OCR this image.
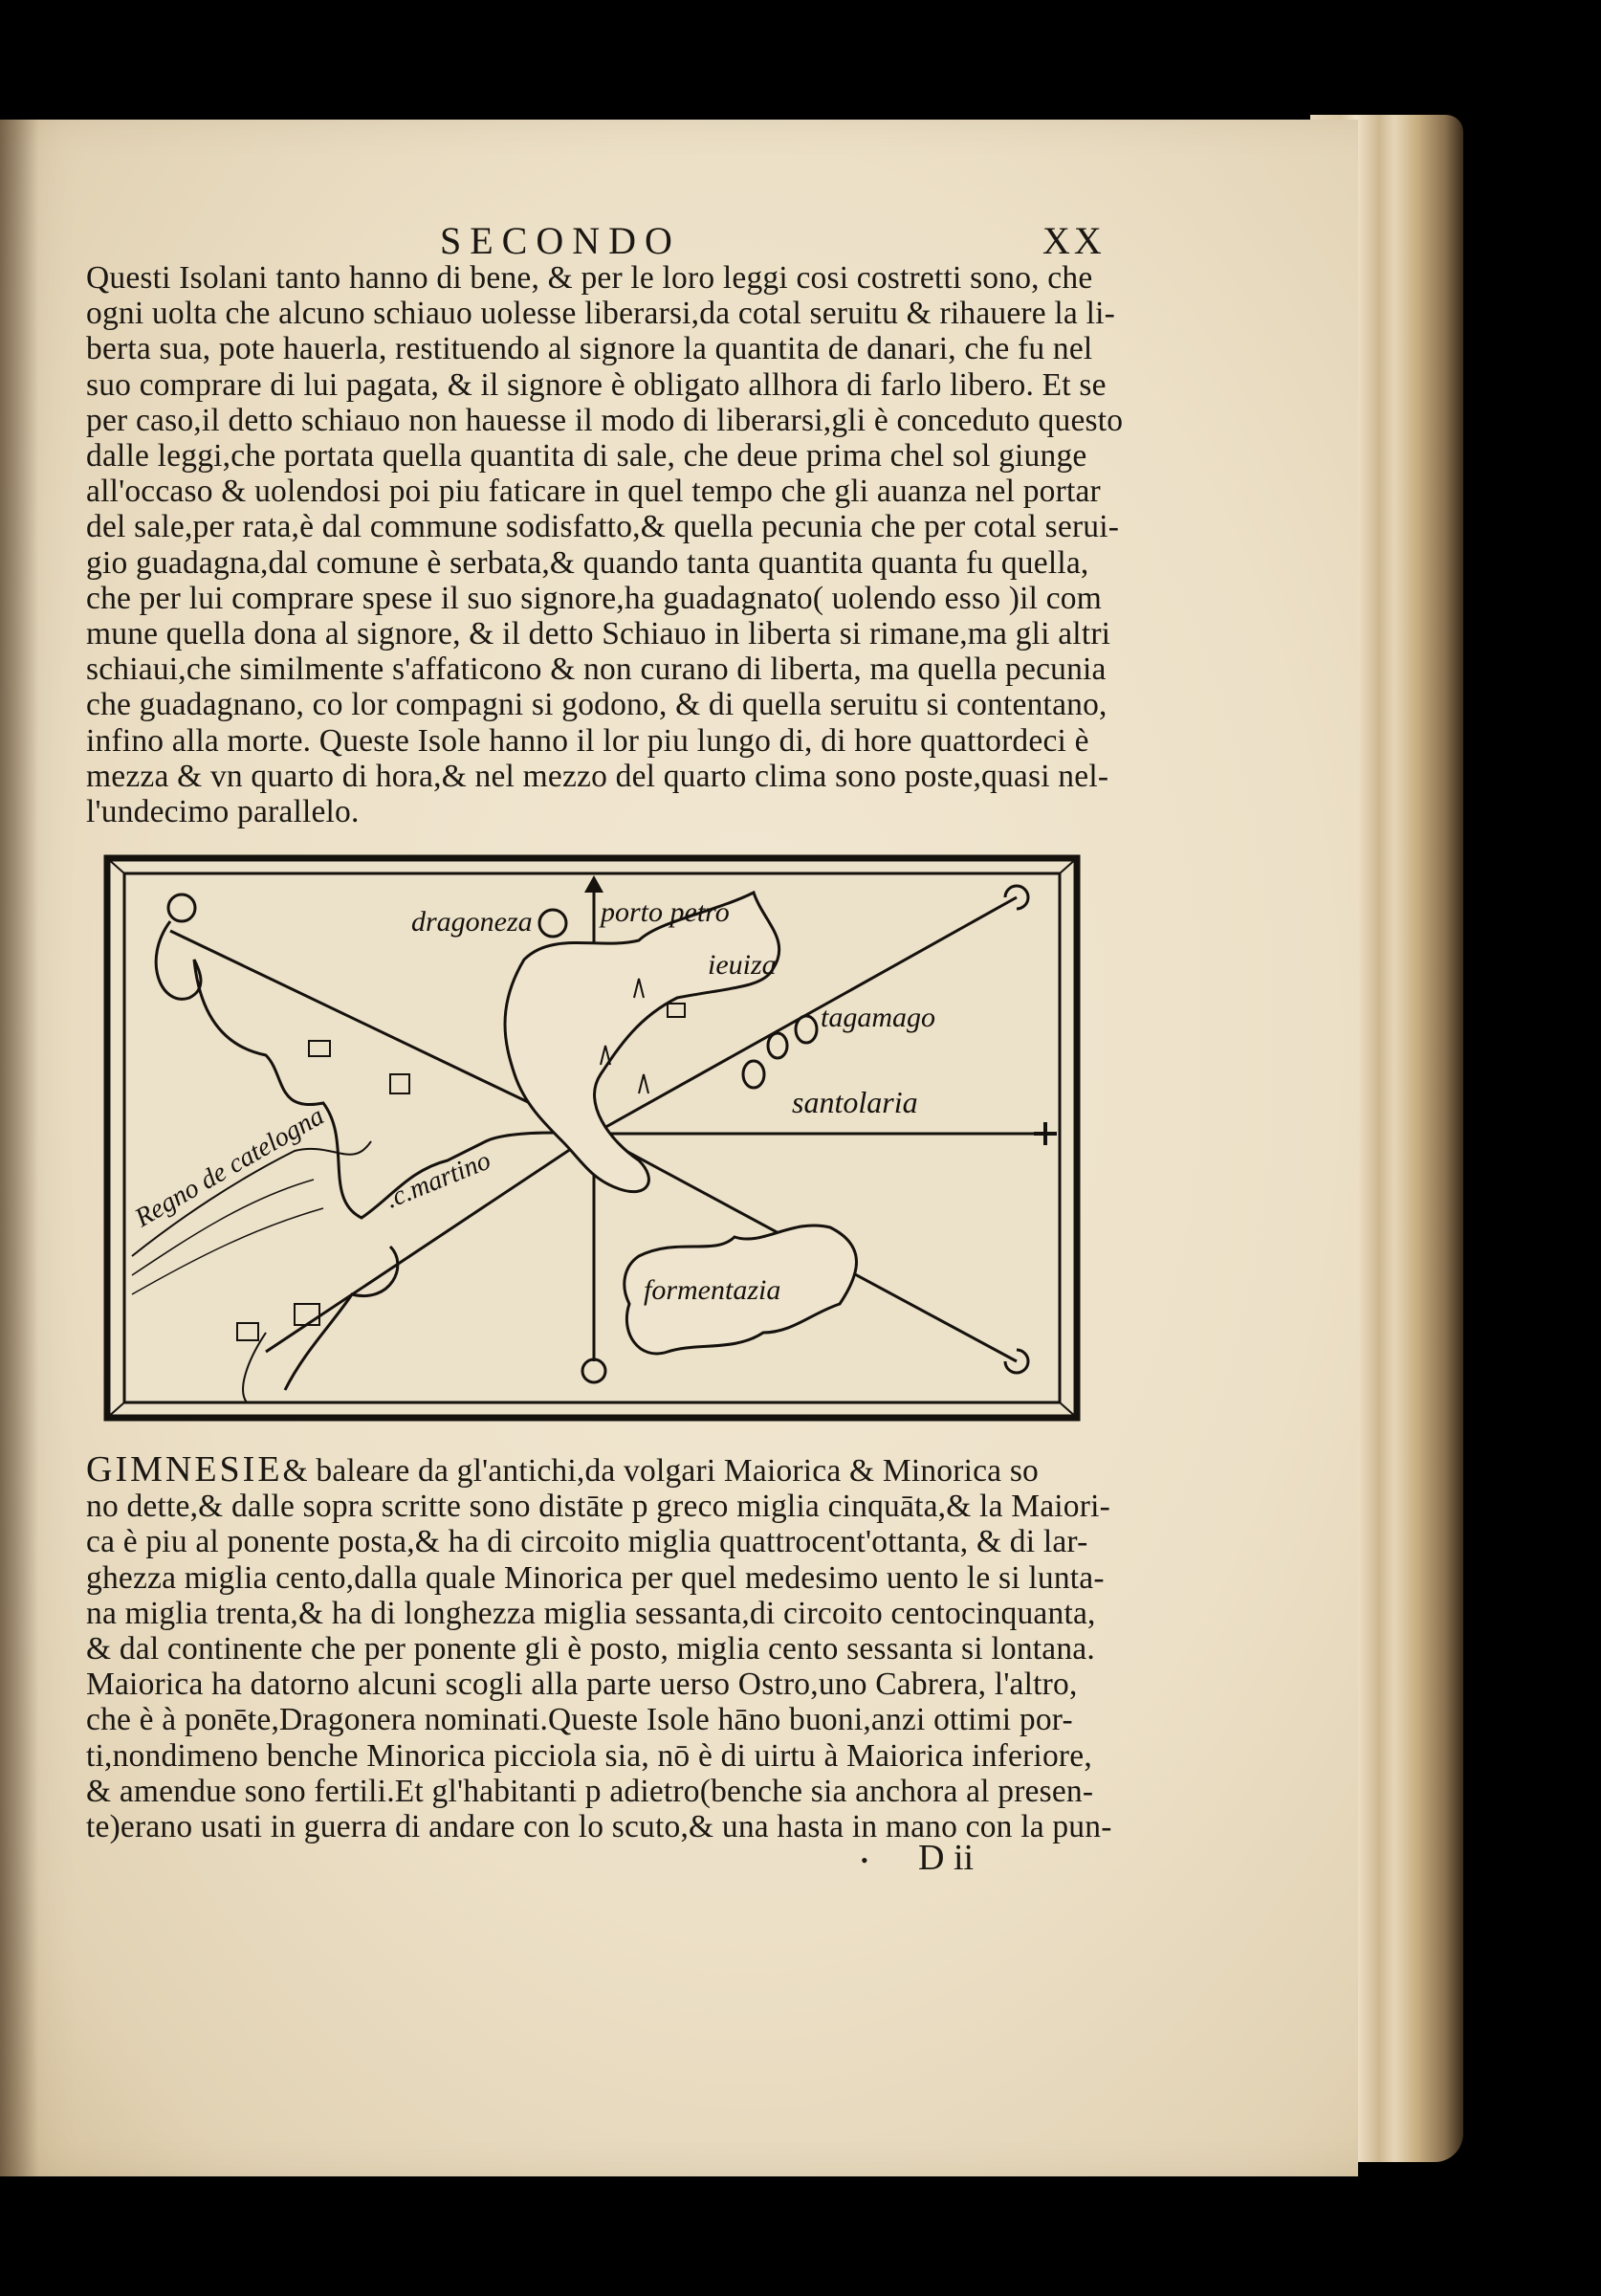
SECONDO	XX
Questi Isolani tanto hanno di bene, & per le loro leggi cosi costretti sono, che
ogni uolta che alcuno schiauo uolesse liberarsi,da cotal seruitu & rihauere la li-
berta sua, pote hauerla, restituendo al signore la quantita de danari, che fu nel
suo comprare di lui pagata, & il signore è obligato allhora di farlo libero. Et se
per caso,il detto schiauo non hauesse il modo di liberarsi,gli è conceduto questo
dalle leggi,che portata quella quantita di sale, che deue prima chel sol giunge
all'occaso & uolendosi poi piu faticare in quel tempo che gli auanza nel portar
del sale,per rata,è dal commune sodisfatto,& quella pecunia che per cotal serui-
gio guadagna,dal comune è serbata,& quando tanta quantita quanta fu quella,
che per lui comprare spese il suo signore,ha guadagnato( uolendo esso )il com
mune quella dona al signore, & il detto Schiauo in liberta si rimane,ma gli altri
schiaui,che similmente s'affaticono & non curano di liberta, ma quella pecunia
che guadagnano, co lor compagni si godono, & di quella seruitu si contentano,
infino alla morte. Queste Isole hanno il lor piu lungo di, di hore quattordeci è
mezza & vn quarto di hora,& nel mezzo del quarto clima sono poste,quasi nel-
l'undecimo parallelo.
dragoneza porto petro
ieuiza
tagamago
santolaria
Regno de catelogna .c.martino
formentazia
GIMNESIE& baleare da gl'antichi,da volgari Maiorica & Minorica so
no dette,& dalle sopra scritte sono distāte p greco miglia cinquāta,& la Maiori-
ca è piu al ponente posta,& ha di circoito miglia quattrocent'ottanta, & di lar-
ghezza miglia cento,dalla quale Minorica per quel medesimo uento le si lunta-
na miglia trenta,& ha di longhezza miglia sessanta,di circoito centocinquanta,
& dal continente che per ponente gli è posto, miglia cento sessanta si lontana.
Maiorica ha datorno alcuni scogli alla parte uerso Ostro,uno Cabrera, l'altro,
che è à ponēte,Dragonera nominati.Queste Isole hāno buoni,anzi ottimi por-
ti,nondimeno benche Minorica picciola sia, nō è di uirtu à Maiorica inferiore,
& amendue sono fertili.Et gl'habitanti p adietro(benche sia anchora al presen-
te)erano usati in guerra di andare con lo scuto,& una hasta in mano con la pun-
• D ii
